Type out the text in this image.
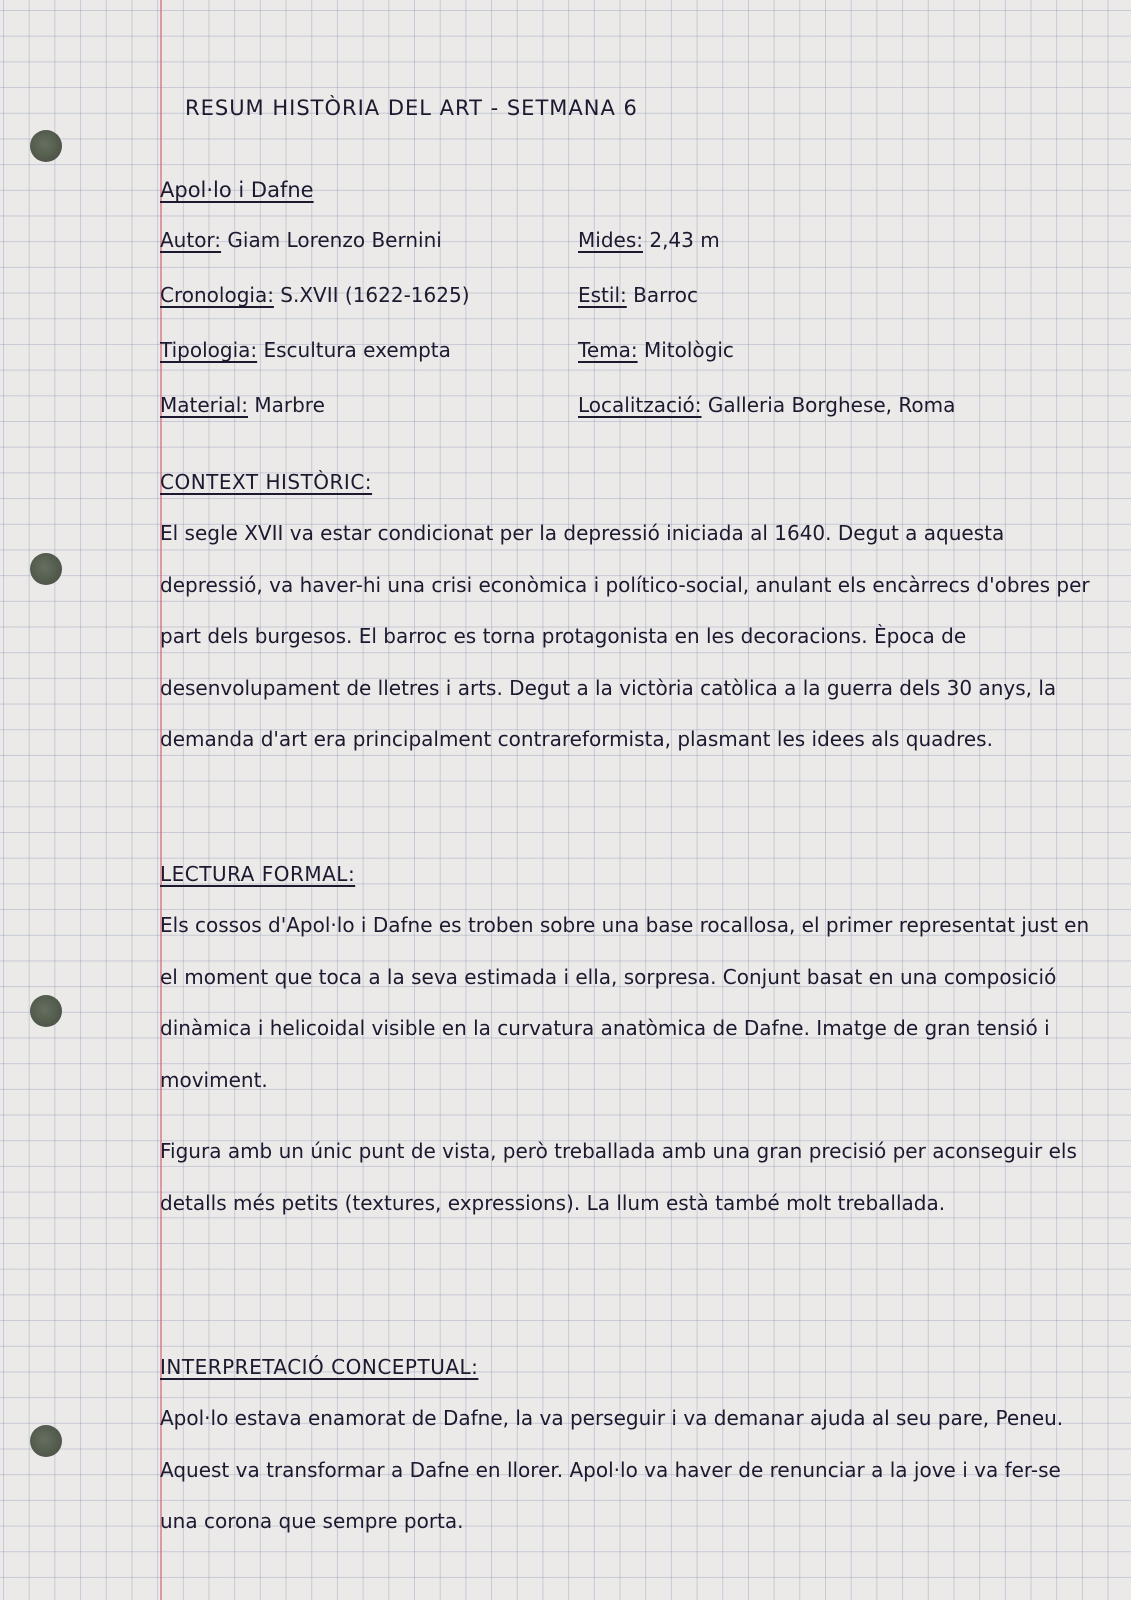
RESUM HISTÒRIA DEL ART - SETMANA 6
Apol·lo i Dafne
Autor: Giam Lorenzo Bernini
Cronologia: S.XVII (1622-1625)
Tipologia: Escultura exempta
Material: Marbre
Mides: 2,43 m
Estil: Barroc
Tema: Mitològic
Localització: Galleria Borghese, Roma
CONTEXT HISTÒRIC:

El segle XVII va estar condicionat per la depressió iniciada al 1640. Degut a aquesta depressió, va haver-hi una crisi econòmica i político-social, anulant els encàrrecs d'obres per part dels burgesos. El barroc es torna protagonista en les decoracions. Època de desenvolupament de lletres i arts. Degut a la victòria catòlica a la guerra dels 30 anys, la demanda d'art era principalment contrareformista, plasmant les idees als quadres.

LECTURA FORMAL:

Els cossos d'Apol·lo i Dafne es troben sobre una base rocallosa, el primer representat just en el moment que toca a la seva estimada i ella, sorpresa. Conjunt basat en una composició dinàmica i helicoidal visible en la curvatura anatòmica de Dafne. Imatge de gran tensió i moviment.

Figura amb un únic punt de vista, però treballada amb una gran precisió per aconseguir els detalls més petits (textures, expressions). La llum està també molt treballada.

INTERPRETACIÓ CONCEPTUAL:

Apol·lo estava enamorat de Dafne, la va perseguir i va demanar ajuda al seu pare, Peneu. Aquest va transformar a Dafne en llorer. Apol·lo va haver de renunciar a la jove i va fer-se una corona que sempre porta.
